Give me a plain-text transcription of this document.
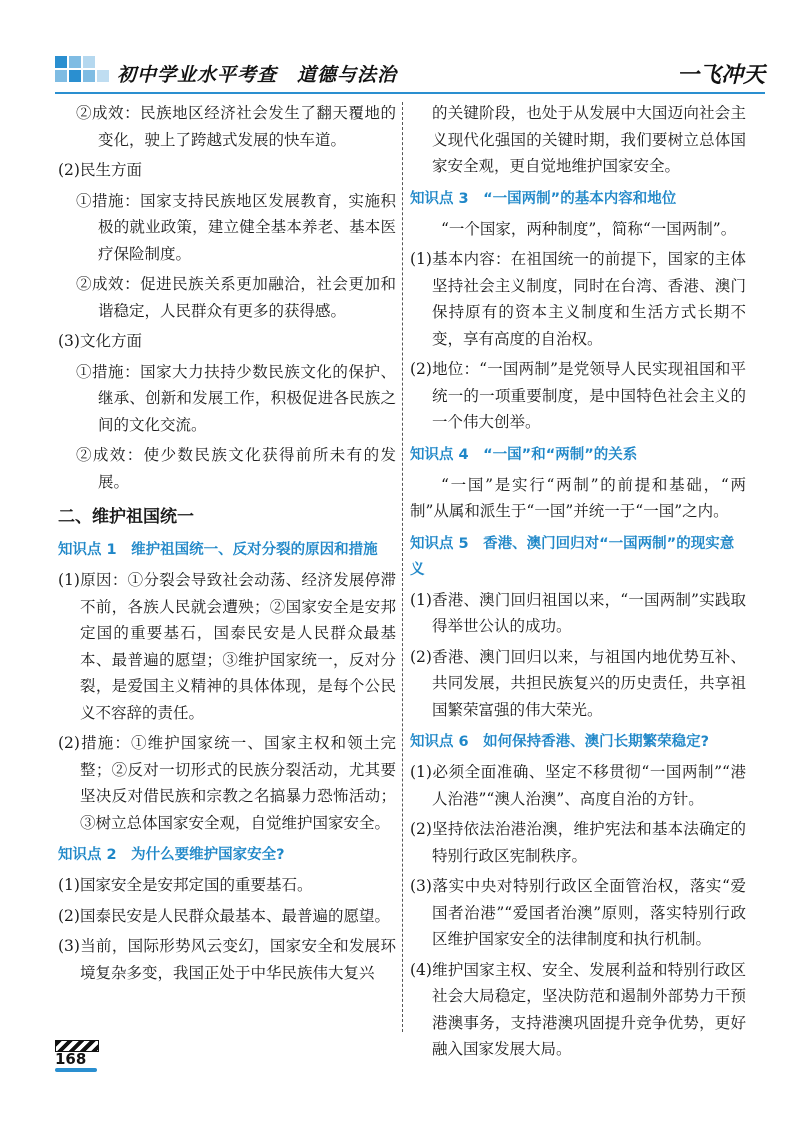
初中学业水平考查　道德与法治	一飞冲天

②成效：民族地区经济社会发生了翻天覆地的变化，驶上了跨越式发展的快车道。

(2)民生方面

①措施：国家支持民族地区发展教育，实施积极的就业政策，建立健全基本养老、基本医疗保险制度。

②成效：促进民族关系更加融洽，社会更加和谐稳定，人民群众有更多的获得感。

(3)文化方面

①措施：国家大力扶持少数民族文化的保护、继承、创新和发展工作，积极促进各民族之间的文化交流。

②成效：使少数民族文化获得前所未有的发展。

二、维护祖国统一
知识点 1　维护祖国统一、反对分裂的原因和措施

(1)原因：①分裂会导致社会动荡、经济发展停滞不前，各族人民就会遭殃；②国家安全是安邦定国的重要基石，国泰民安是人民群众最基本、最普遍的愿望；③维护国家统一，反对分裂，是爱国主义精神的具体体现，是每个公民义不容辞的责任。

(2)措施：①维护国家统一、国家主权和领土完整；②反对一切形式的民族分裂活动，尤其要坚决反对借民族和宗教之名搞暴力恐怖活动；③树立总体国家安全观，自觉维护国家安全。

知识点 2　为什么要维护国家安全?

(1)国家安全是安邦定国的重要基石。

(2)国泰民安是人民群众最基本、最普遍的愿望。

(3)当前，国际形势风云变幻，国家安全和发展环境复杂多变，我国正处于中华民族伟大复兴

的关键阶段，也处于从发展中大国迈向社会主义现代化强国的关键时期，我们要树立总体国家安全观，更自觉地维护国家安全。

知识点 3　“一国两制”的基本内容和地位

“一个国家，两种制度”，简称“一国两制”。

(1)基本内容：在祖国统一的前提下，国家的主体坚持社会主义制度，同时在台湾、香港、澳门保持原有的资本主义制度和生活方式长期不变，享有高度的自治权。

(2)地位：“一国两制”是党领导人民实现祖国和平统一的一项重要制度，是中国特色社会主义的一个伟大创举。

知识点 4　“一国”和“两制”的关系

“一国”是实行“两制”的前提和基础，“两制”从属和派生于“一国”并统一于“一国”之内。

知识点 5　香港、澳门回归对“一国两制”的现实意义

(1)香港、澳门回归祖国以来，“一国两制”实践取得举世公认的成功。

(2)香港、澳门回归以来，与祖国内地优势互补、共同发展，共担民族复兴的历史责任，共享祖国繁荣富强的伟大荣光。

知识点 6　如何保持香港、澳门长期繁荣稳定?

(1)必须全面准确、坚定不移贯彻“一国两制”“港人治港”“澳人治澳”、高度自治的方针。

(2)坚持依法治港治澳，维护宪法和基本法确定的特别行政区宪制秩序。

(3)落实中央对特别行政区全面管治权，落实“爱国者治港”“爱国者治澳”原则，落实特别行政区维护国家安全的法律制度和执行机制。

(4)维护国家主权、安全、发展利益和特别行政区社会大局稳定，坚决防范和遏制外部势力干预港澳事务，支持港澳巩固提升竞争优势，更好融入国家发展大局。

168
